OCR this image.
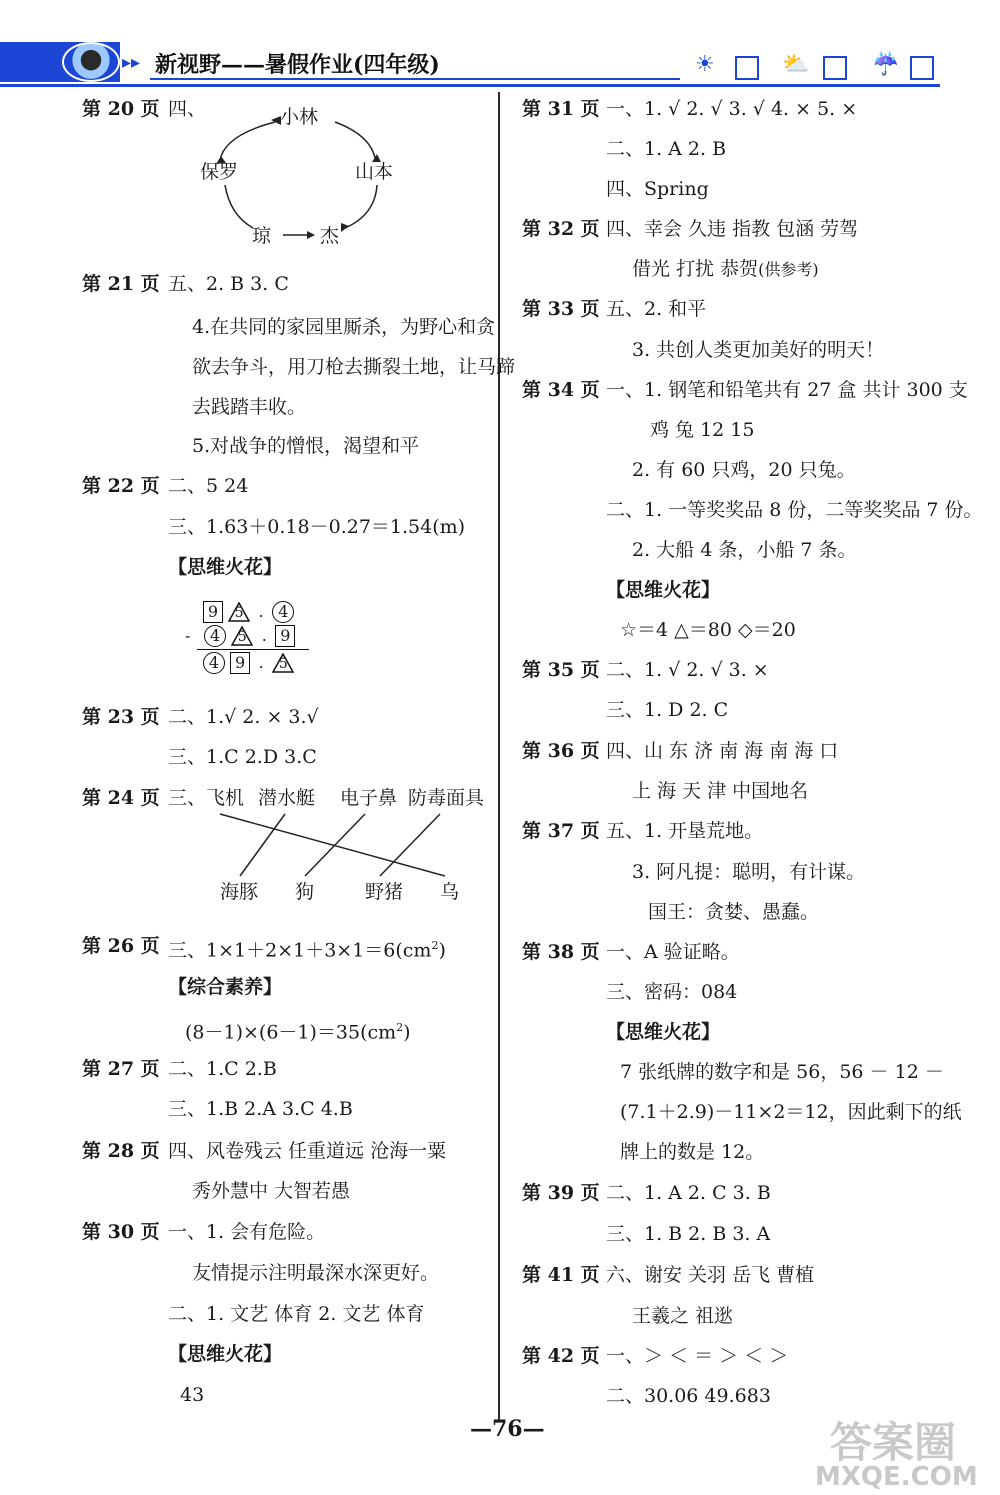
▸▸ 新视野——暑假作业(四年级)	☀	⛅	☔
第 20 页 四、	小林
山本
杰
琼
保罗
第 21 页 五、2. B 3. C
4.在共同的家园里厮杀，为野心和贪
欲去争斗，用刀枪去撕裂土地，让马蹄
去践踏丰收。
5.对战争的憎恨，渴望和平
第 22 页 二、5 24
三、1.63＋0.18－0.27＝1.54(m)
【思维火花】
9 5 . 4
- 4 5 . 9
4 9 . 5
第 23 页 二、1.√ 2. × 3.√
三、1.C 2.D 3.C
第 24 页 三、飞机 潜水艇 电子鼻 防毒面具
海豚 狗	野猪 乌
第 26 页 三、$1\times 1+2\times 1+3\times 1=6(cm^2)$
【综合素养】
$(8-1)\times(6-1)=35(cm^2)$
第 27 页 二、1.C 2.B
三、1.B 2.A 3.C 4.B
第 28 页 四、风卷残云 任重道远 沧海一粟
秀外慧中 大智若愚
第 30 页 一、1. 会有危险。
友情提示注明最深水深更好。
二、1. 文艺 体育 2. 文艺 体育
【思维火花】
43
第 31 页 一、1. √ 2. √ 3. √ 4. × 5. ×
二、1. A 2. B
四、Spring
第 32 页 四、幸会 久违 指教 包涵 劳驾
借光 打扰 恭贺(供参考)
第 33 页 五、2. 和平
3. 共创人类更加美好的明天！
第 34 页 一、1. 钢笔和铅笔共有 27 盒 共计 300 支
鸡 兔 12 15
2. 有 60 只鸡，20 只兔。
二、1. 一等奖奖品 8 份，二等奖奖品 7 份。
2. 大船 4 条，小船 7 条。
【思维火花】
☆＝4 △＝80 ◇＝20
第 35 页 二、1. √ 2. √ 3. ×
三、1. D 2. C
第 36 页 四、山 东 济 南 海 南 海 口
上 海 天 津 中国地名
第 37 页 五、1. 开垦荒地。
3. 阿凡提：聪明，有计谋。
国王：贪婪、愚蠢。
第 38 页 一、A 验证略。
三、密码：084
【思维火花】
7 张纸牌的数字和是 56，56 － 12 －
(7.1＋2.9)－11×2＝12，因此剩下的纸
牌上的数是 12。
第 39 页 二、1. A 2. C 3. B
三、1. B 2. B 3. A
第 41 页 六、谢安 关羽 岳飞 曹植
王羲之 祖逖
第 42 页 一、＞ ＜ ＝ ＞ ＜ ＞
二、30.06 49.683
—76—	答案圈
MXQE.COM
